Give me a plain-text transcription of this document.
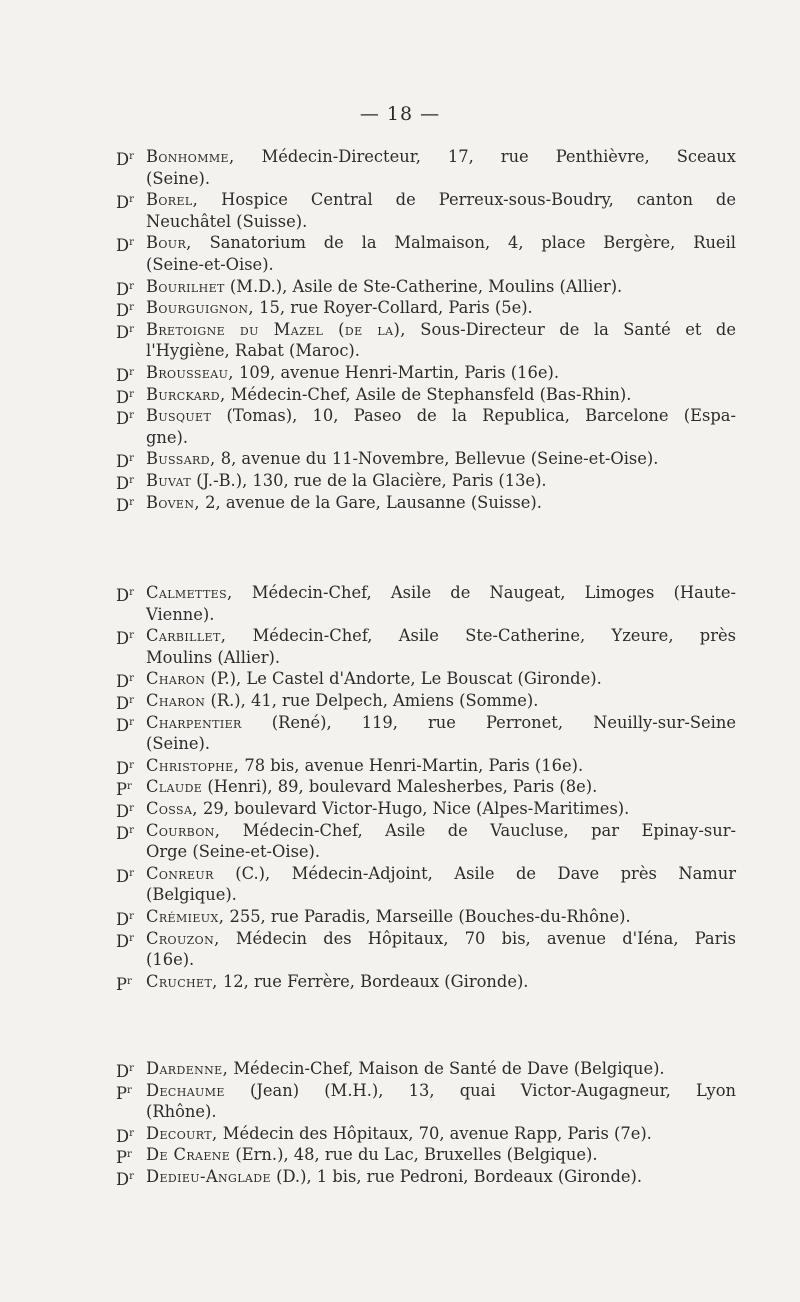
— 18 —
$D^r$ Bonhomme, Médecin-Directeur, 17, rue Penthièvre, Sceaux
(Seine).
$D^r$ Borel, Hospice Central de Perreux-sous-Boudry, canton de
Neuchâtel (Suisse).
$D^r$ Bour, Sanatorium de la Malmaison, 4, place Bergère, Rueil
(Seine-et-Oise).
$D^r$ Bourilhet (M.D.), Asile de Ste-Catherine, Moulins (Allier).
$D^r$ Bourguignon, 15, rue Royer-Collard, Paris (5e).
$D^r$ Bretoigne du Mazel (de la), Sous-Directeur de la Santé et de
l'Hygiène, Rabat (Maroc).
$D^r$ Brousseau, 109, avenue Henri-Martin, Paris (16e).
$D^r$ Burckard, Médecin-Chef, Asile de Stephansfeld (Bas-Rhin).
$D^r$ Busquet (Tomas), 10, Paseo de la Republica, Barcelone (Espa-
gne).
$D^r$ Bussard, 8, avenue du 11-Novembre, Bellevue (Seine-et-Oise).
$D^r$ Buvat (J.-B.), 130, rue de la Glacière, Paris (13e).
$D^r$ Boven, 2, avenue de la Gare, Lausanne (Suisse).
$D^r$ Calmettes, Médecin-Chef, Asile de Naugeat, Limoges (Haute-
Vienne).
$D^r$ Carbillet, Médecin-Chef, Asile Ste-Catherine, Yzeure, près
Moulins (Allier).
$D^r$ Charon (P.), Le Castel d'Andorte, Le Bouscat (Gironde).
$D^r$ Charon (R.), 41, rue Delpech, Amiens (Somme).
$D^r$ Charpentier (René), 119, rue Perronet, Neuilly-sur-Seine
(Seine).
$D^r$ Christophe, 78 bis, avenue Henri-Martin, Paris (16e).
$P^r$ Claude (Henri), 89, boulevard Malesherbes, Paris (8e).
$D^r$ Cossa, 29, boulevard Victor-Hugo, Nice (Alpes-Maritimes).
$D^r$ Courbon, Médecin-Chef, Asile de Vaucluse, par Epinay-sur-
Orge (Seine-et-Oise).
$D^r$ Conreur (C.), Médecin-Adjoint, Asile de Dave près Namur
(Belgique).
$D^r$ Crémieux, 255, rue Paradis, Marseille (Bouches-du-Rhône).
$D^r$ Crouzon, Médecin des Hôpitaux, 70 bis, avenue d'Iéna, Paris
(16e).
$P^r$ Cruchet, 12, rue Ferrère, Bordeaux (Gironde).
$D^r$ Dardenne, Médecin-Chef, Maison de Santé de Dave (Belgique).
$P^r$ Dechaume (Jean) (M.H.), 13, quai Victor-Augagneur, Lyon
(Rhône).
$D^r$ Decourt, Médecin des Hôpitaux, 70, avenue Rapp, Paris (7e).
$P^r$ De Craene (Ern.), 48, rue du Lac, Bruxelles (Belgique).
$D^r$ Dedieu-Anglade (D.), 1 bis, rue Pedroni, Bordeaux (Gironde).
